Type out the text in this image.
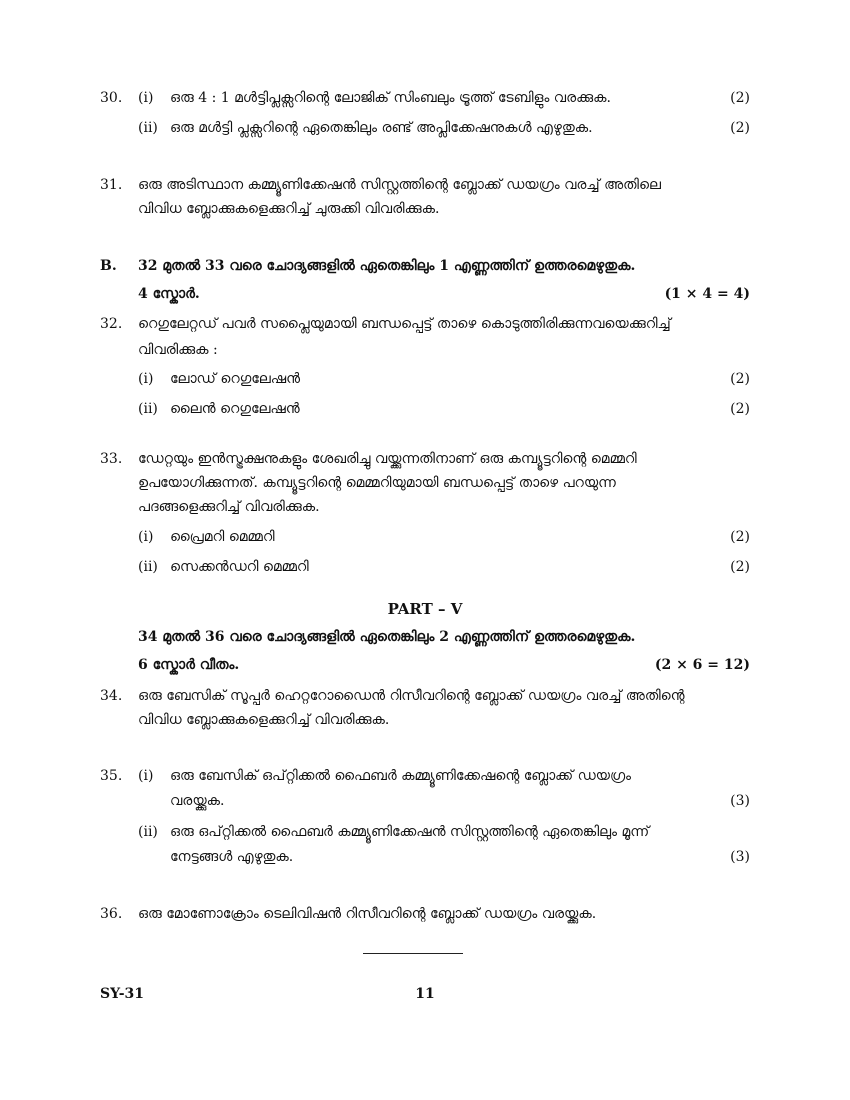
30. (i) ഒരു 4 : 1 മൾട്ടിപ്ലക്സറിന്റെ ലോജിക് സിംബലും ട്രൂത്ത് ടേബിളും വരക്കുക.	(2)
(ii) ഒരു മൾട്ടി പ്ലക്സറിന്റെ ഏതെങ്കിലും രണ്ട് അപ്ലിക്കേഷനുകൾ എഴുതുക.	(2)
31. ഒരു അടിസ്ഥാന കമ്മ്യൂണിക്കേഷൻ സിസ്റ്റത്തിന്റെ ബ്ലോക്ക് ഡയഗ്രം വരച്ച് അതിലെ
വിവിധ ബ്ലോക്കുകളെക്കുറിച്ച് ചുരുക്കി വിവരിക്കുക.
B. 32 മുതൽ 33 വരെ ചോദ്യങ്ങളിൽ ഏതെങ്കിലും 1 എണ്ണത്തിന് ഉത്തരമെഴുതുക.
4 സ്കോർ.	(1 × 4 = 4)
32. റെഗുലേറ്റഡ് പവർ സപ്ലൈയുമായി ബന്ധപ്പെട്ട് താഴെ കൊടുത്തിരിക്കുന്നവയെക്കുറിച്ച്
വിവരിക്കുക :
(i) ലോഡ് റെഗുലേഷൻ	(2)
(ii) ലൈൻ റെഗുലേഷൻ	(2)
33. ഡേറ്റയും ഇൻസ്ട്രക്ഷനുകളും ശേഖരിച്ചു വയ്ക്കുന്നതിനാണ് ഒരു കമ്പ്യൂട്ടറിന്റെ മെമ്മറി
ഉപയോഗിക്കുന്നത്. കമ്പ്യൂട്ടറിന്റെ മെമ്മറിയുമായി ബന്ധപ്പെട്ട് താഴെ പറയുന്ന
പദങ്ങളെക്കുറിച്ച് വിവരിക്കുക.
(i) പ്രൈമറി മെമ്മറി	(2)
(ii) സെക്കൻഡറി മെമ്മറി	(2)
PART – V
34 മുതൽ 36 വരെ ചോദ്യങ്ങളിൽ ഏതെങ്കിലും 2 എണ്ണത്തിന് ഉത്തരമെഴുതുക.
6 സ്കോർ വീതം.	(2 × 6 = 12)
34. ഒരു ബേസിക് സൂപ്പർ ഹെറ്ററോഡൈൻ റിസീവറിന്റെ ബ്ലോക്ക് ഡയഗ്രം വരച്ച് അതിന്റെ
വിവിധ ബ്ലോക്കുകളെക്കുറിച്ച് വിവരിക്കുക.
35. (i) ഒരു ബേസിക് ഒപ്റ്റിക്കൽ ഫൈബർ കമ്മ്യൂണിക്കേഷന്റെ ബ്ലോക്ക് ഡയഗ്രം
വരയ്ക്കുക.	(3)
(ii) ഒരു ഒപ്റ്റിക്കൽ ഫൈബർ കമ്മ്യൂണിക്കേഷൻ സിസ്റ്റത്തിന്റെ ഏതെങ്കിലും മൂന്ന്
നേട്ടങ്ങൾ എഴുതുക.	(3)
36. ഒരു മോണോക്രോം ടെലിവിഷൻ റിസീവറിന്റെ ബ്ലോക്ക് ഡയഗ്രം വരയ്ക്കുക.
SY-31	11
